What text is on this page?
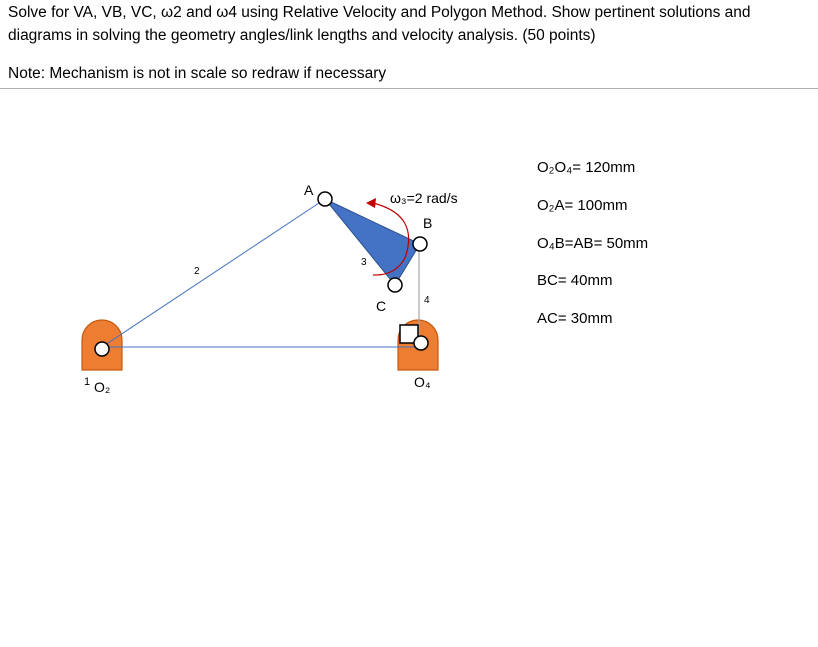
Solve for VA, VB, VC, ω2 and ω4 using Relative Velocity and Polygon Method. Show pertinent solutions and diagrams in solving the geometry angles/link lengths and velocity analysis. (50 points)
Note: Mechanism is not in scale so redraw if necessary
A
B
C
1 O₂	O₄
2
3
4
ω₃=2 rad/s
O₂O₄= 120mm
O₂A= 100mm
O₄B=AB= 50mm
BC= 40mm
AC= 30mm
